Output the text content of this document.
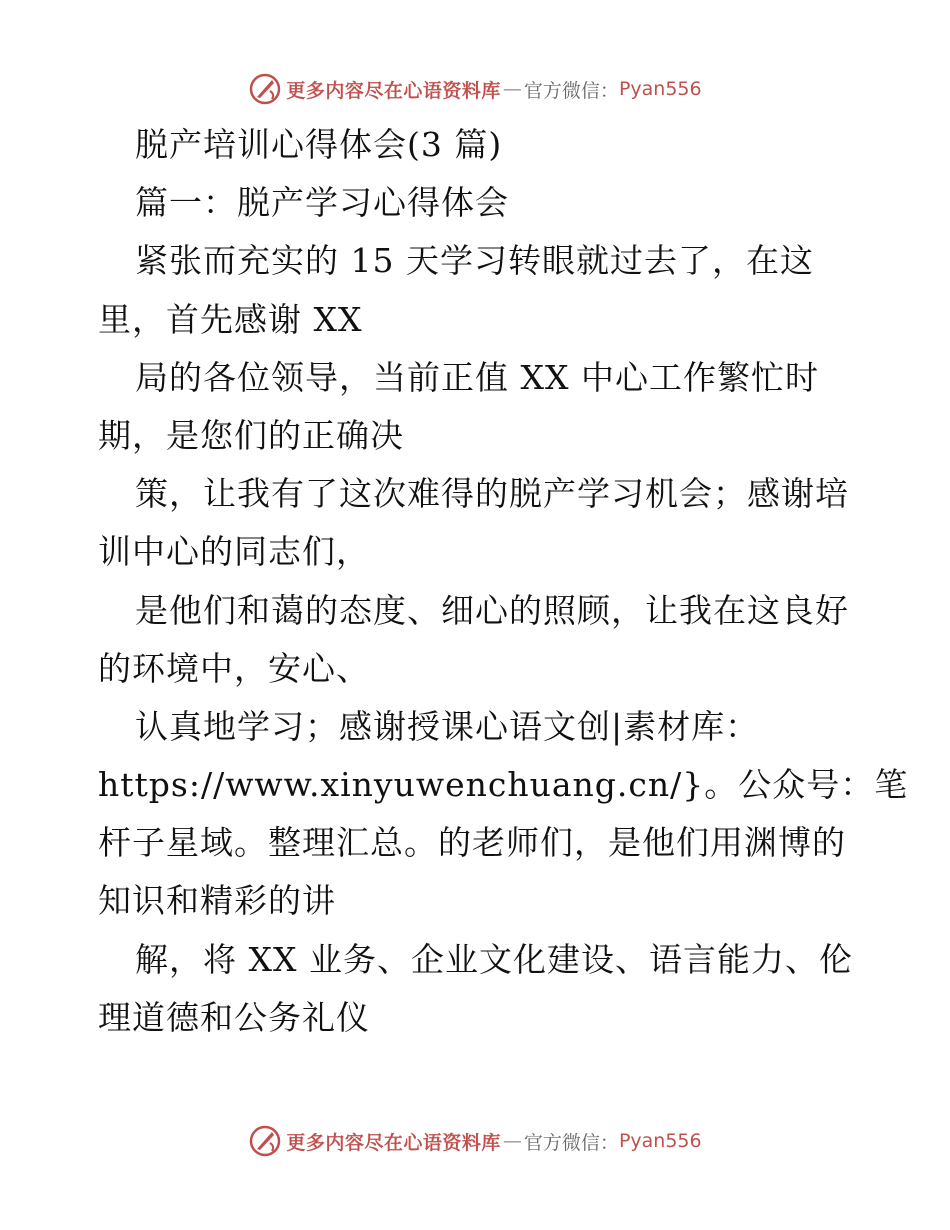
更多内容尽在心语资料库 — 官方微信： Pyan556
脱产培训心得体会(3 篇)
篇一：脱产学习心得体会
紧张而充实的 15 天学习转眼就过去了，在这
里，首先感谢 XX
局的各位领导，当前正值 XX 中心工作繁忙时
期，是您们的正确决
策，让我有了这次难得的脱产学习机会；感谢培
训中心的同志们，
是他们和蔼的态度、细心的照顾，让我在这良好
的环境中，安心、
认真地学习；感谢授课心语文创|素材库：
https://www.xinyuwenchuang.cn/}。公众号：笔
杆子星域。整理汇总。的老师们，是他们用渊博的
知识和精彩的讲
解，将 XX 业务、企业文化建设、语言能力、伦
理道德和公务礼仪
更多内容尽在心语资料库 — 官方微信： Pyan556
